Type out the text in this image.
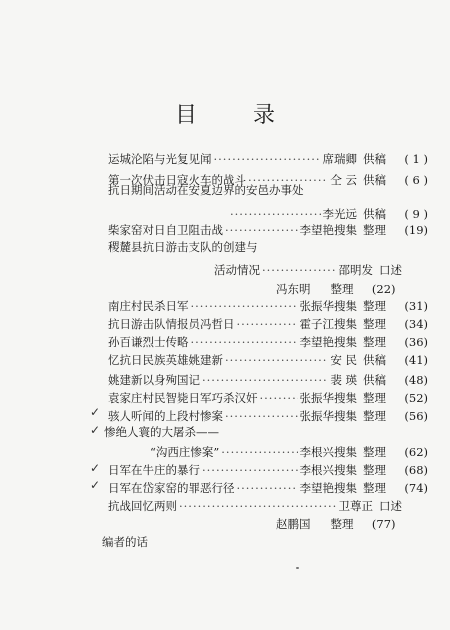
目	录
运城沦陷与光复见闻 ·····	席瑞卿 供稿	( 1 )
第一次伏击日寇火车的战斗 ·····	仝 云 供稿	( 6 )
抗日期间活动在安夏边界的安邑办事处
·····
李光远 供稿	( 9 )
柴家窑对日自卫阻击战 ·····	李望艳搜集 整理	(19)
稷麓县抗日游击支队的创建与
活动情况 ·····	邵明发 口述
冯东明 整理	(22)
南庄村民杀日军 ·····	张振华搜集 整理	(31)
抗日游击队情报员冯哲日 ·····	霍子江搜集 整理	(34)
孙百谦烈士传略 ·····	李望艳搜集 整理	(36)
忆抗日民族英雄姚建新 ·····	安 民 供稿	(41)
姚建新以身殉国记 ·····	裴 瑛 供稿	(48)
袁家庄村民智毙日军巧杀汉奸 ·····	张振华搜集 整理	(52)
✓ 骇人听闻的上段村惨案 ·····	张振华搜集 整理	(56)
✓ 惨绝人寰的大屠杀——
“沟西庄惨案” ·····	李根兴搜集 整理	(62)
✓ 日军在牛庄的暴行 ·····	李根兴搜集 整理	(68)
✓ 日军在岱家窑的罪恶行径 ·····	李望艳搜集 整理	(74)
抗战回忆两则 ·····	卫尊正 口述
赵鹏国 整理	(77)
编者的话
